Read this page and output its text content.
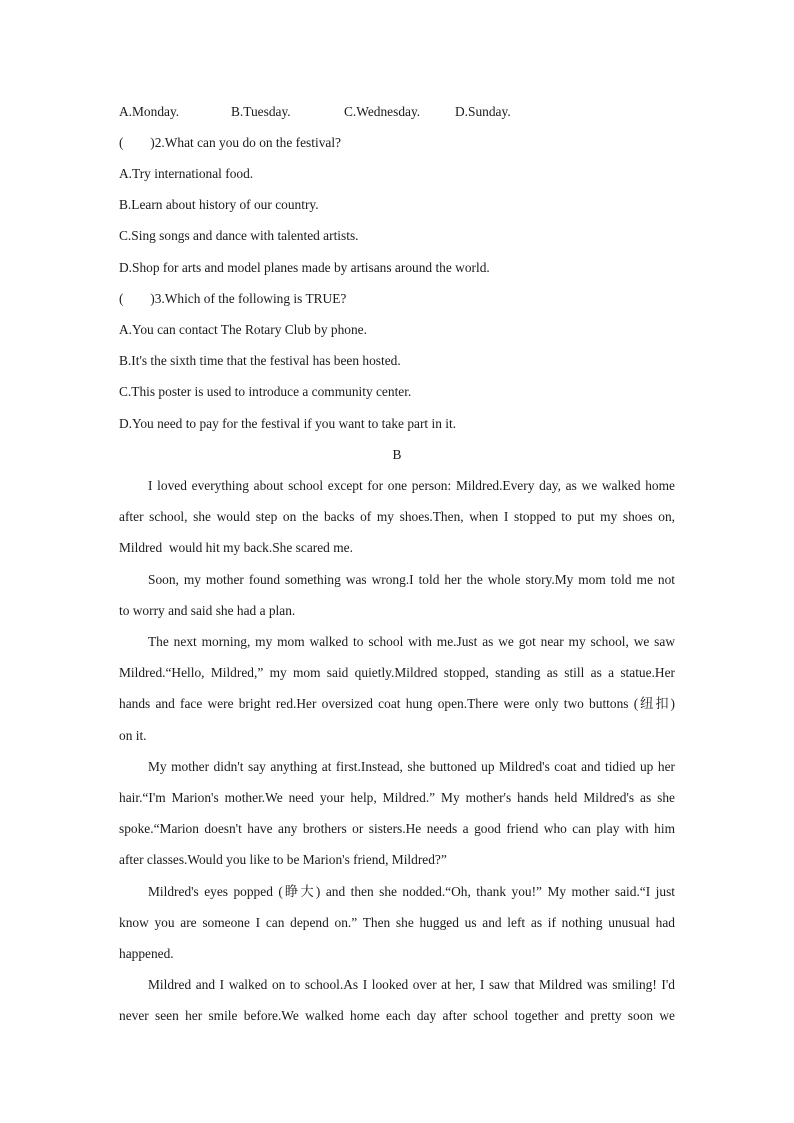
A.Monday.	B.Tuesday.	C.Wednesday.	D.Sunday.
(        )2.What can you do on the festival?
A.Try international food.
B.Learn about history of our country.
C.Sing songs and dance with talented artists.
D.Shop for arts and model planes made by artisans around the world.
(        )3.Which of the following is TRUE?
A.You can contact The Rotary Club by phone.
B.It's the sixth time that the festival has been hosted.
C.This poster is used to introduce a community center.
D.You need to pay for the festival if you want to take part in it.
B
I loved everything about school except for one person: Mildred.Every day, as we walked home
after school, she would step on the backs of my shoes.Then, when I stopped to put my shoes on,
Mildred  would hit my back.She scared me.
Soon, my mother found something was wrong.I told her the whole story.My mom told me not
to worry and said she had a plan.
The next morning, my mom walked to school with me.Just as we got near my school, we saw
Mildred.“Hello, Mildred,” my mom said quietly.Mildred stopped, standing as still as a statue.Her
hands and face were bright red.Her oversized coat hung open.There were only two buttons (纽扣)
on it.
My mother didn't say anything at first.Instead, she buttoned up Mildred's coat and tidied up her
hair.“I'm Marion's mother.We need your help, Mildred.” My mother's hands held Mildred's as she
spoke.“Marion doesn't have any brothers or sisters.He needs a good friend who can play with him
after classes.Would you like to be Marion's friend, Mildred?”
Mildred's eyes popped (睁大) and then she nodded.“Oh, thank you!” My mother said.“I just
know you are someone I can depend on.” Then she hugged us and left as if nothing unusual had
happened.
Mildred and I walked on to school.As I looked over at her, I saw that Mildred was smiling! I'd
never seen her smile before.We walked home each day after school together and pretty soon we
